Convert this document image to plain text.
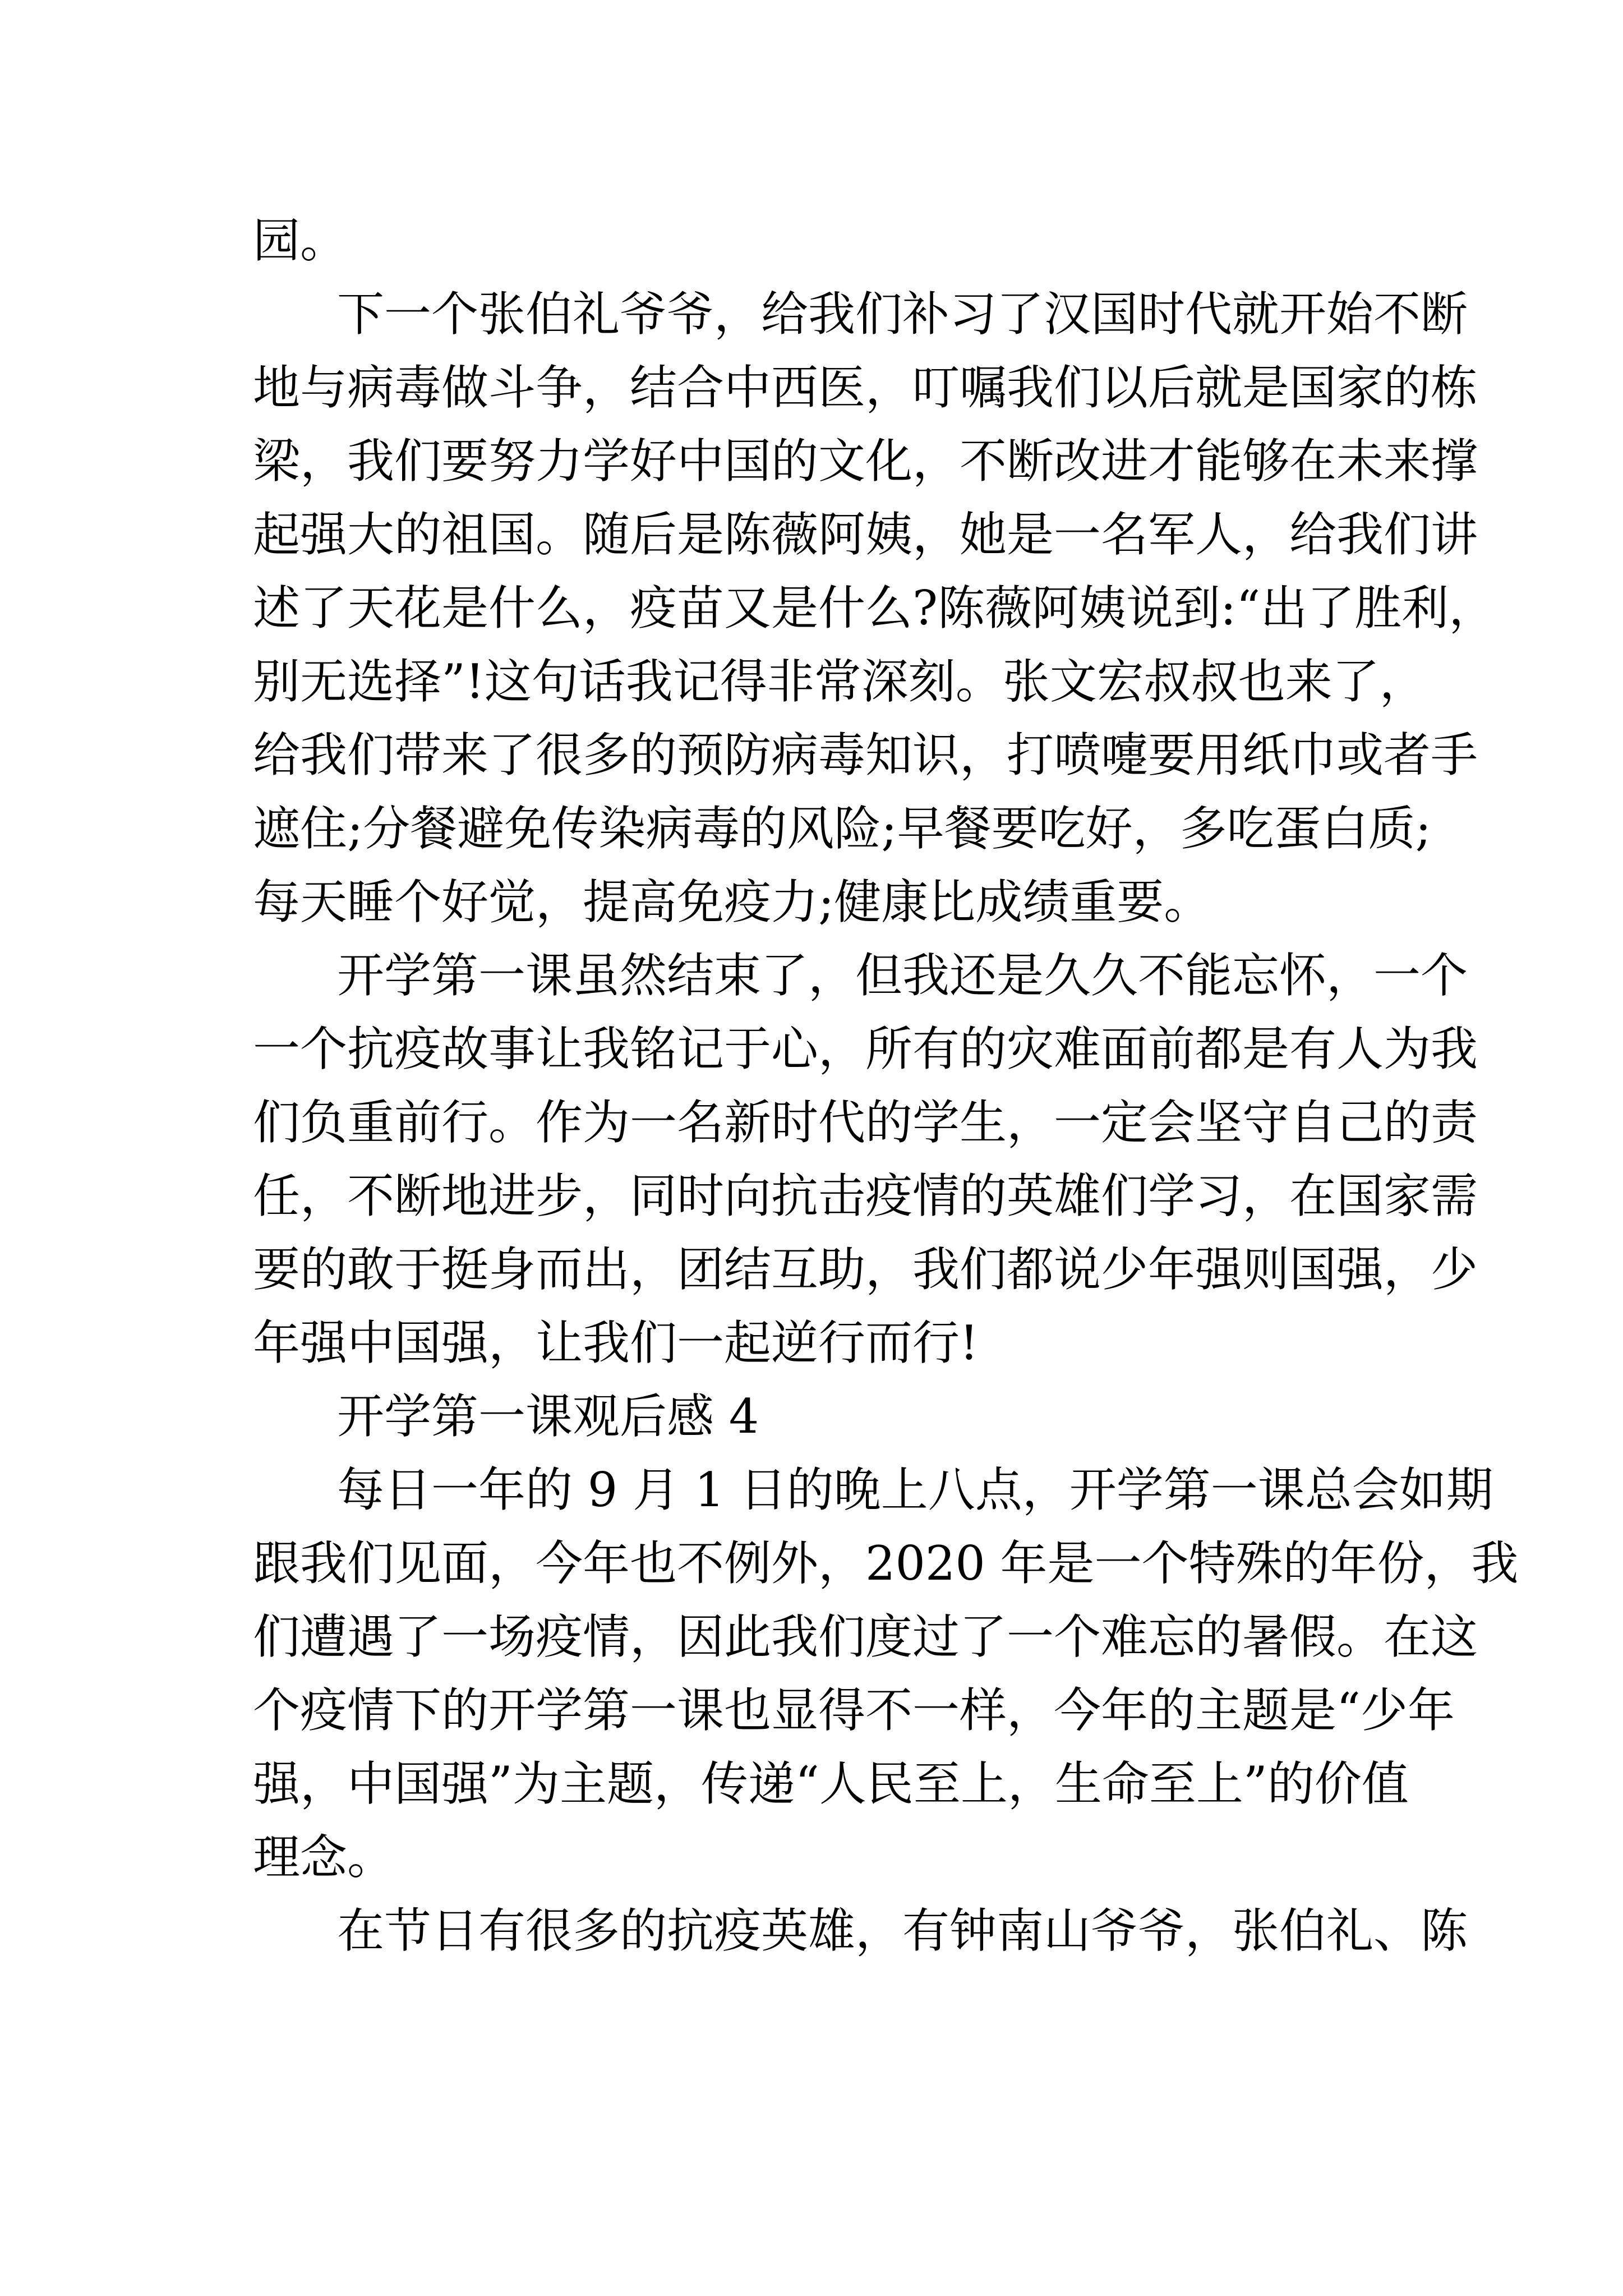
园。
下一个张伯礼爷爷，给我们补习了汉国时代就开始不断
地与病毒做斗争，结合中西医，叮嘱我们以后就是国家的栋
梁，我们要努力学好中国的文化，不断改进才能够在未来撑
起强大的祖国。随后是陈薇阿姨，她是一名军人，给我们讲
述了天花是什么，疫苗又是什么?陈薇阿姨说到:“出了胜利，
别无选择”!这句话我记得非常深刻。张文宏叔叔也来了，
给我们带来了很多的预防病毒知识，打喷嚏要用纸巾或者手
遮住;分餐避免传染病毒的风险;早餐要吃好，多吃蛋白质;
每天睡个好觉，提高免疫力;健康比成绩重要。
开学第一课虽然结束了，但我还是久久不能忘怀，一个
一个抗疫故事让我铭记于心，所有的灾难面前都是有人为我
们负重前行。作为一名新时代的学生，一定会坚守自己的责
任，不断地进步，同时向抗击疫情的英雄们学习，在国家需
要的敢于挺身而出，团结互助，我们都说少年强则国强，少
年强中国强，让我们一起逆行而行!
开学第一课观后感 4
每日一年的 9 月 1 日的晚上八点，开学第一课总会如期
跟我们见面，今年也不例外，2020 年是一个特殊的年份，我
们遭遇了一场疫情，因此我们度过了一个难忘的暑假。在这
个疫情下的开学第一课也显得不一样，今年的主题是“少年
强，中国强”为主题，传递“人民至上，生命至上”的价值
理念。
在节日有很多的抗疫英雄，有钟南山爷爷，张伯礼、陈
